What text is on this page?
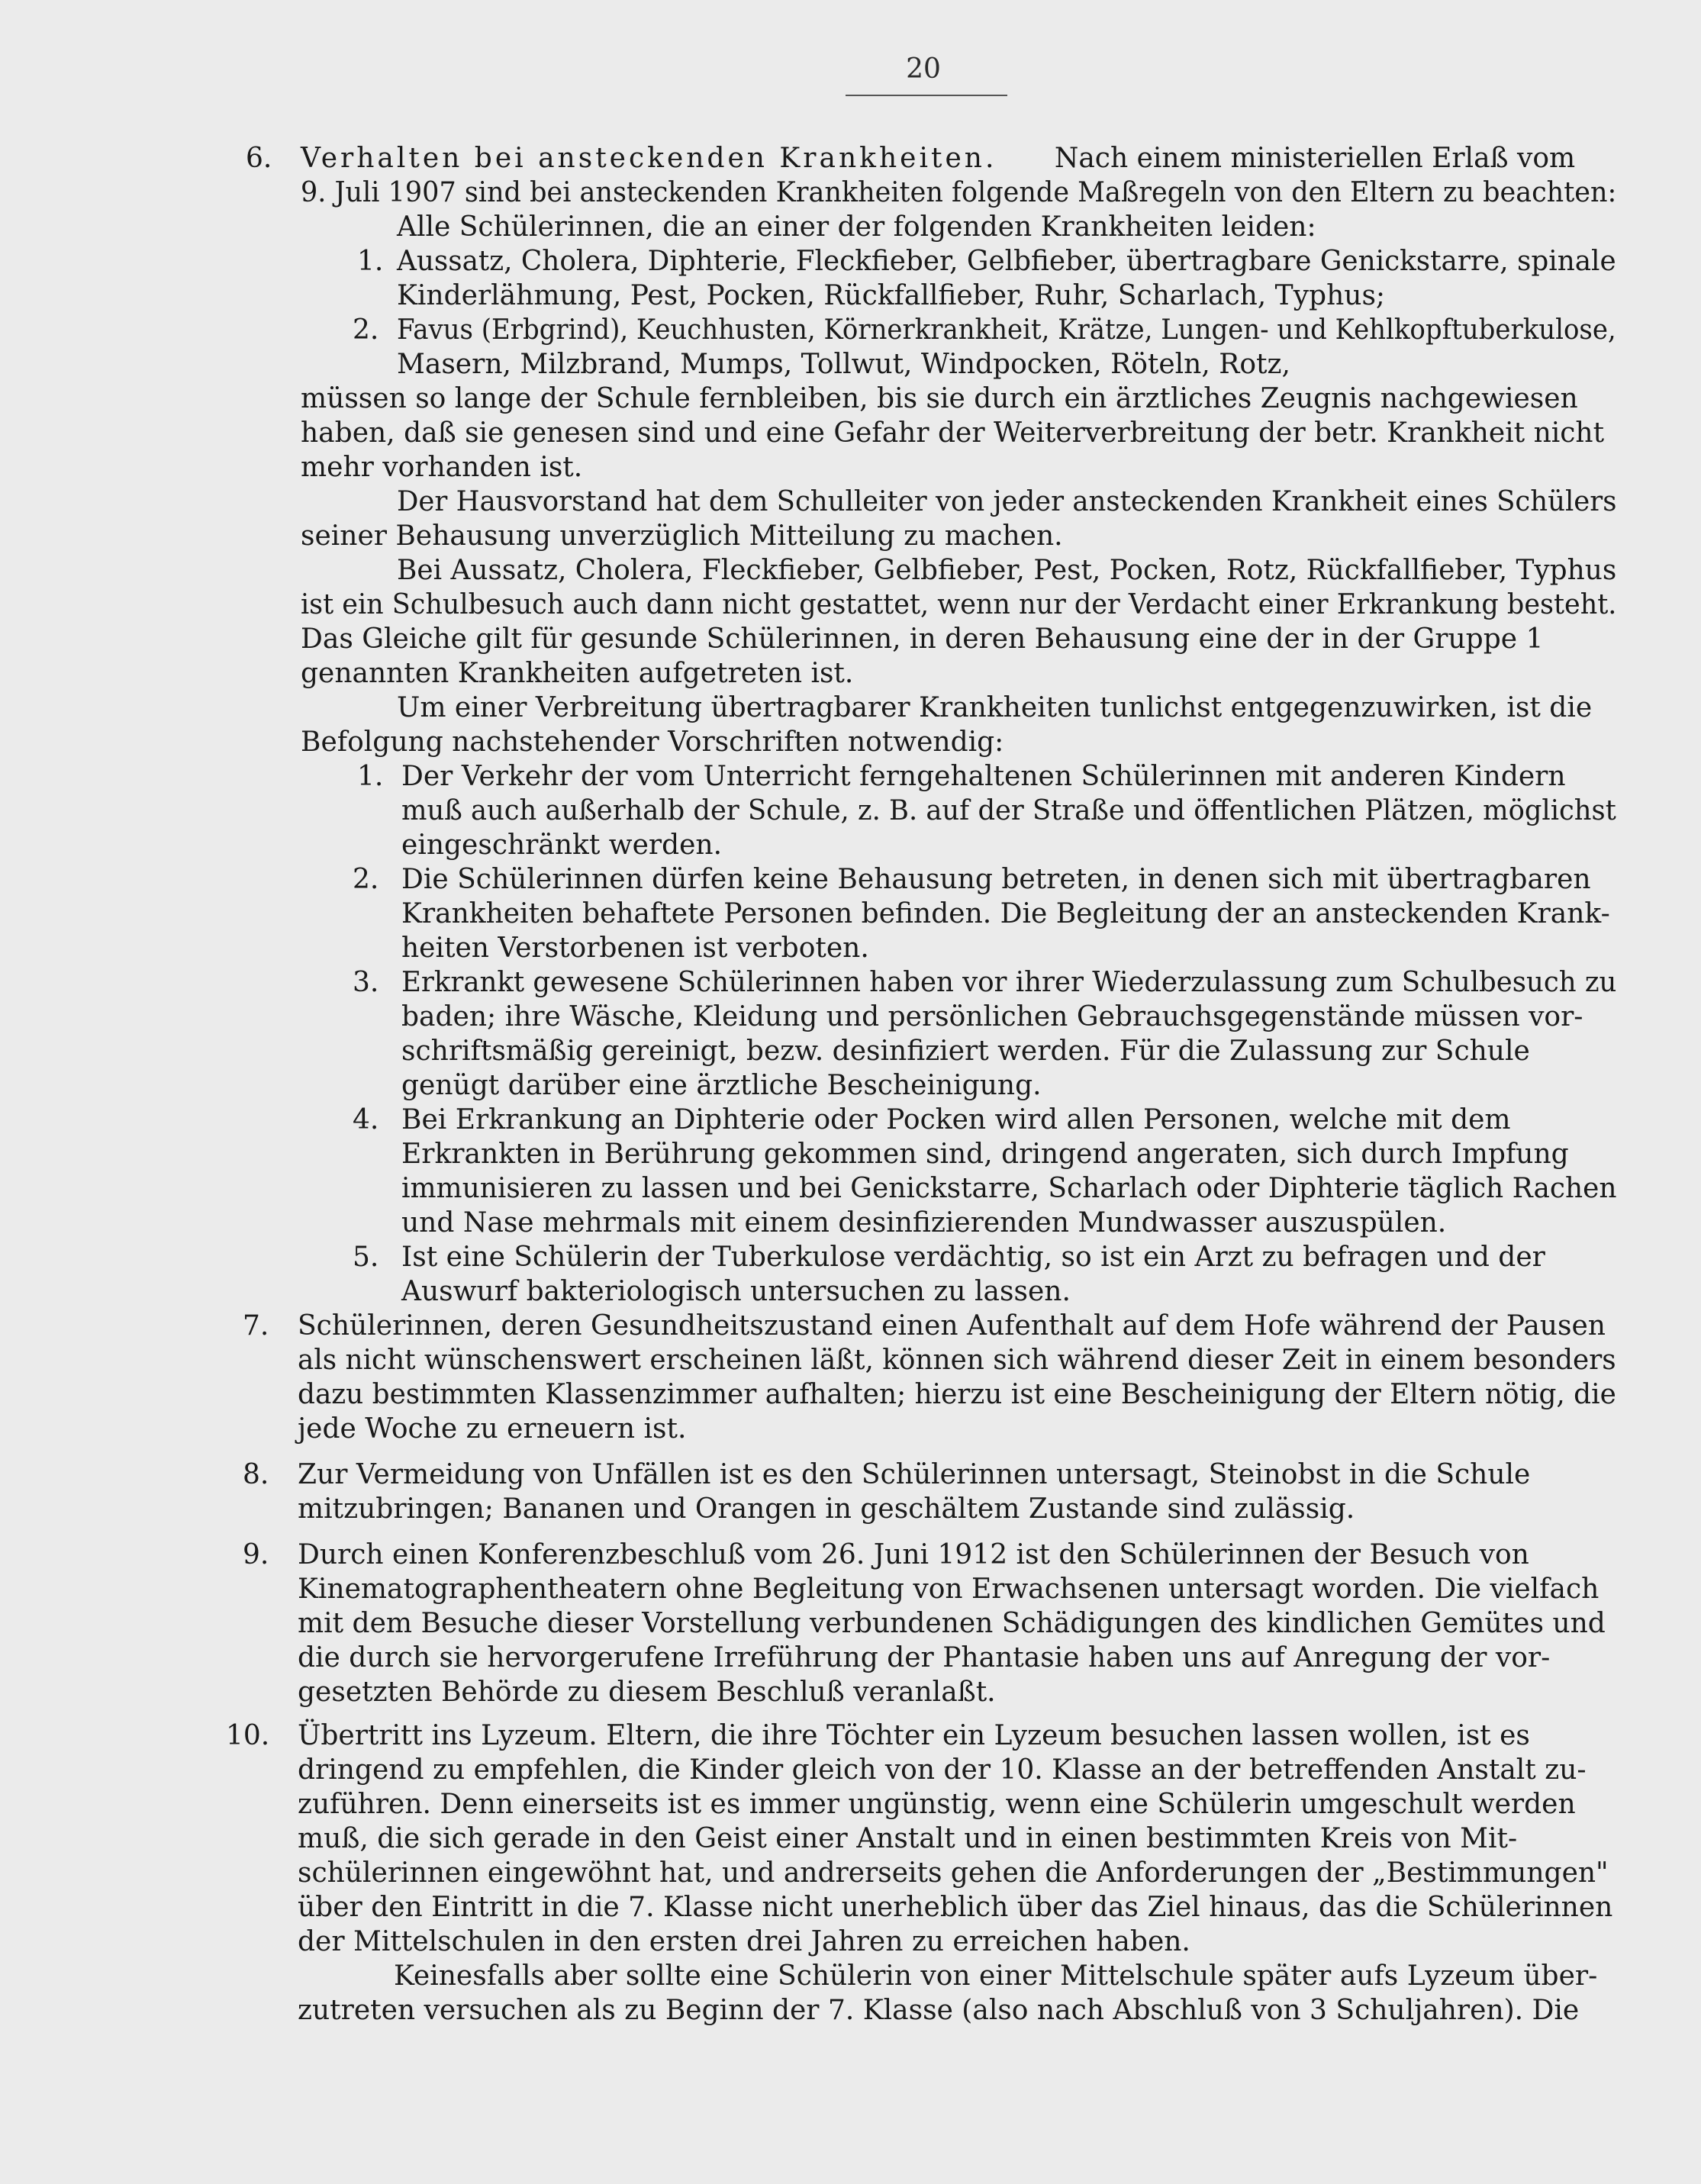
20
6. Verhalten bei ansteckenden Krankheiten. Nach einem ministeriellen Erlaß vom
9. Juli 1907 sind bei ansteckenden Krankheiten folgende Maßregeln von den Eltern zu beachten:
Alle Schülerinnen, die an einer der folgenden Krankheiten leiden:
1. Aussatz, Cholera, Diphterie, Fleckfieber, Gelbfieber, übertragbare Genickstarre, spinale
Kinderlähmung, Pest, Pocken, Rückfallfieber, Ruhr, Scharlach, Typhus;
2. Favus (Erbgrind), Keuchhusten, Körnerkrankheit, Krätze, Lungen- und Kehlkopftuberkulose,
Masern, Milzbrand, Mumps, Tollwut, Windpocken, Röteln, Rotz,
müssen so lange der Schule fernbleiben, bis sie durch ein ärztliches Zeugnis nachgewiesen
haben, daß sie genesen sind und eine Gefahr der Weiterverbreitung der betr. Krankheit nicht
mehr vorhanden ist.
Der Hausvorstand hat dem Schulleiter von jeder ansteckenden Krankheit eines Schülers
seiner Behausung unverzüglich Mitteilung zu machen.
Bei Aussatz, Cholera, Fleckfieber, Gelbfieber, Pest, Pocken, Rotz, Rückfallfieber, Typhus
ist ein Schulbesuch auch dann nicht gestattet, wenn nur der Verdacht einer Erkrankung besteht.
Das Gleiche gilt für gesunde Schülerinnen, in deren Behausung eine der in der Gruppe 1
genannten Krankheiten aufgetreten ist.
Um einer Verbreitung übertragbarer Krankheiten tunlichst entgegenzuwirken, ist die
Befolgung nachstehender Vorschriften notwendig:
1. Der Verkehr der vom Unterricht ferngehaltenen Schülerinnen mit anderen Kindern
muß auch außerhalb der Schule, z. B. auf der Straße und öffentlichen Plätzen, möglichst
eingeschränkt werden.
2. Die Schülerinnen dürfen keine Behausung betreten, in denen sich mit übertragbaren
Krankheiten behaftete Personen befinden. Die Begleitung der an ansteckenden Krank-
heiten Verstorbenen ist verboten.
3. Erkrankt gewesene Schülerinnen haben vor ihrer Wiederzulassung zum Schulbesuch zu
baden; ihre Wäsche, Kleidung und persönlichen Gebrauchsgegenstände müssen vor-
schriftsmäßig gereinigt, bezw. desinfiziert werden. Für die Zulassung zur Schule
genügt darüber eine ärztliche Bescheinigung.
4. Bei Erkrankung an Diphterie oder Pocken wird allen Personen, welche mit dem
Erkrankten in Berührung gekommen sind, dringend angeraten, sich durch Impfung
immunisieren zu lassen und bei Genickstarre, Scharlach oder Diphterie täglich Rachen
und Nase mehrmals mit einem desinfizierenden Mundwasser auszuspülen.
5. Ist eine Schülerin der Tuberkulose verdächtig, so ist ein Arzt zu befragen und der
Auswurf bakteriologisch untersuchen zu lassen.
7. Schülerinnen, deren Gesundheitszustand einen Aufenthalt auf dem Hofe während der Pausen
als nicht wünschenswert erscheinen läßt, können sich während dieser Zeit in einem besonders
dazu bestimmten Klassenzimmer aufhalten; hierzu ist eine Bescheinigung der Eltern nötig, die
jede Woche zu erneuern ist.
8. Zur Vermeidung von Unfällen ist es den Schülerinnen untersagt, Steinobst in die Schule
mitzubringen; Bananen und Orangen in geschältem Zustande sind zulässig.
9. Durch einen Konferenzbeschluß vom 26. Juni 1912 ist den Schülerinnen der Besuch von
Kinematographentheatern ohne Begleitung von Erwachsenen untersagt worden. Die vielfach
mit dem Besuche dieser Vorstellung verbundenen Schädigungen des kindlichen Gemütes und
die durch sie hervorgerufene Irreführung der Phantasie haben uns auf Anregung der vor-
gesetzten Behörde zu diesem Beschluß veranlaßt.
10. Übertritt ins Lyzeum. Eltern, die ihre Töchter ein Lyzeum besuchen lassen wollen, ist es
dringend zu empfehlen, die Kinder gleich von der 10. Klasse an der betreffenden Anstalt zu-
zuführen. Denn einerseits ist es immer ungünstig, wenn eine Schülerin umgeschult werden
muß, die sich gerade in den Geist einer Anstalt und in einen bestimmten Kreis von Mit-
schülerinnen eingewöhnt hat, und andrerseits gehen die Anforderungen der „Bestimmungen"
über den Eintritt in die 7. Klasse nicht unerheblich über das Ziel hinaus, das die Schülerinnen
der Mittelschulen in den ersten drei Jahren zu erreichen haben.
Keinesfalls aber sollte eine Schülerin von einer Mittelschule später aufs Lyzeum über-
zutreten versuchen als zu Beginn der 7. Klasse (also nach Abschluß von 3 Schuljahren). Die
